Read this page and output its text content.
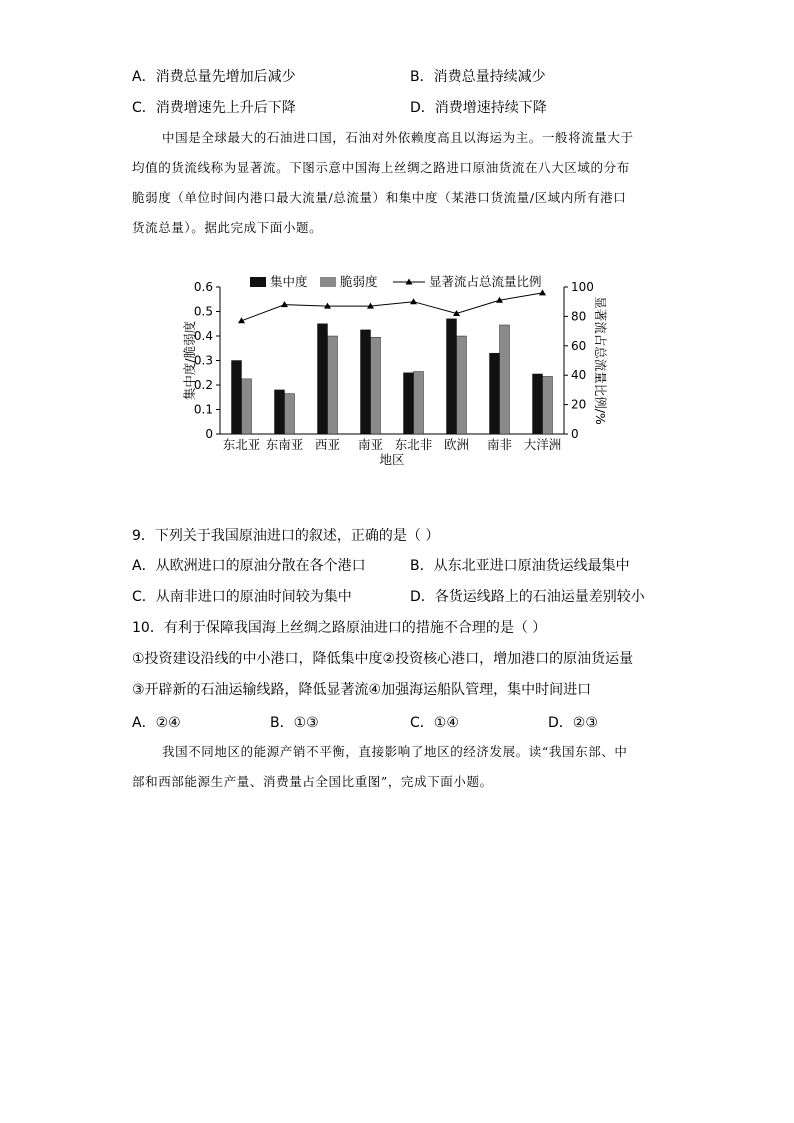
A．消费总量先增加后减少	B．消费总量持续减少
C．消费增速先上升后下降	D．消费增速持续下降
中国是全球最大的石油进口国，石油对外依赖度高且以海运为主。一般将流量大于
均值的货流线称为显著流。下图示意中国海上丝绸之路进口原油货流在八大区域的分布
脆弱度（单位时间内港口最大流量/总流量）和集中度（某港口货流量/区域内所有港口
货流总量）。据此完成下面小题。
0
0.1
0.2
0.3
0.4
0.5
0.6
0
20
40
60
80
100
东北亚 东南亚 西亚 南亚 东北非 欧洲 南非 大洋洲
集中度	脆弱度	显著流占总流量比例
地区
集中度/脆弱度	显著流占总流量比例/%
9．下列关于我国原油进口的叙述，正确的是（ ）
A．从欧洲进口的原油分散在各个港口	B．从东北亚进口原油货运线最集中
C．从南非进口的原油时间较为集中	D．各货运线路上的石油运量差别较小
10．有利于保障我国海上丝绸之路原油进口的措施不合理的是（ ）
①投资建设沿线的中小港口，降低集中度②投资核心港口，增加港口的原油货运量
③开辟新的石油运输线路，降低显著流④加强海运船队管理，集中时间进口
A．②④	B．①③	C．①④	D．②③
我国不同地区的能源产销不平衡，直接影响了地区的经济发展。读“我国东部、中
部和西部能源生产量、消费量占全国比重图”，完成下面小题。
